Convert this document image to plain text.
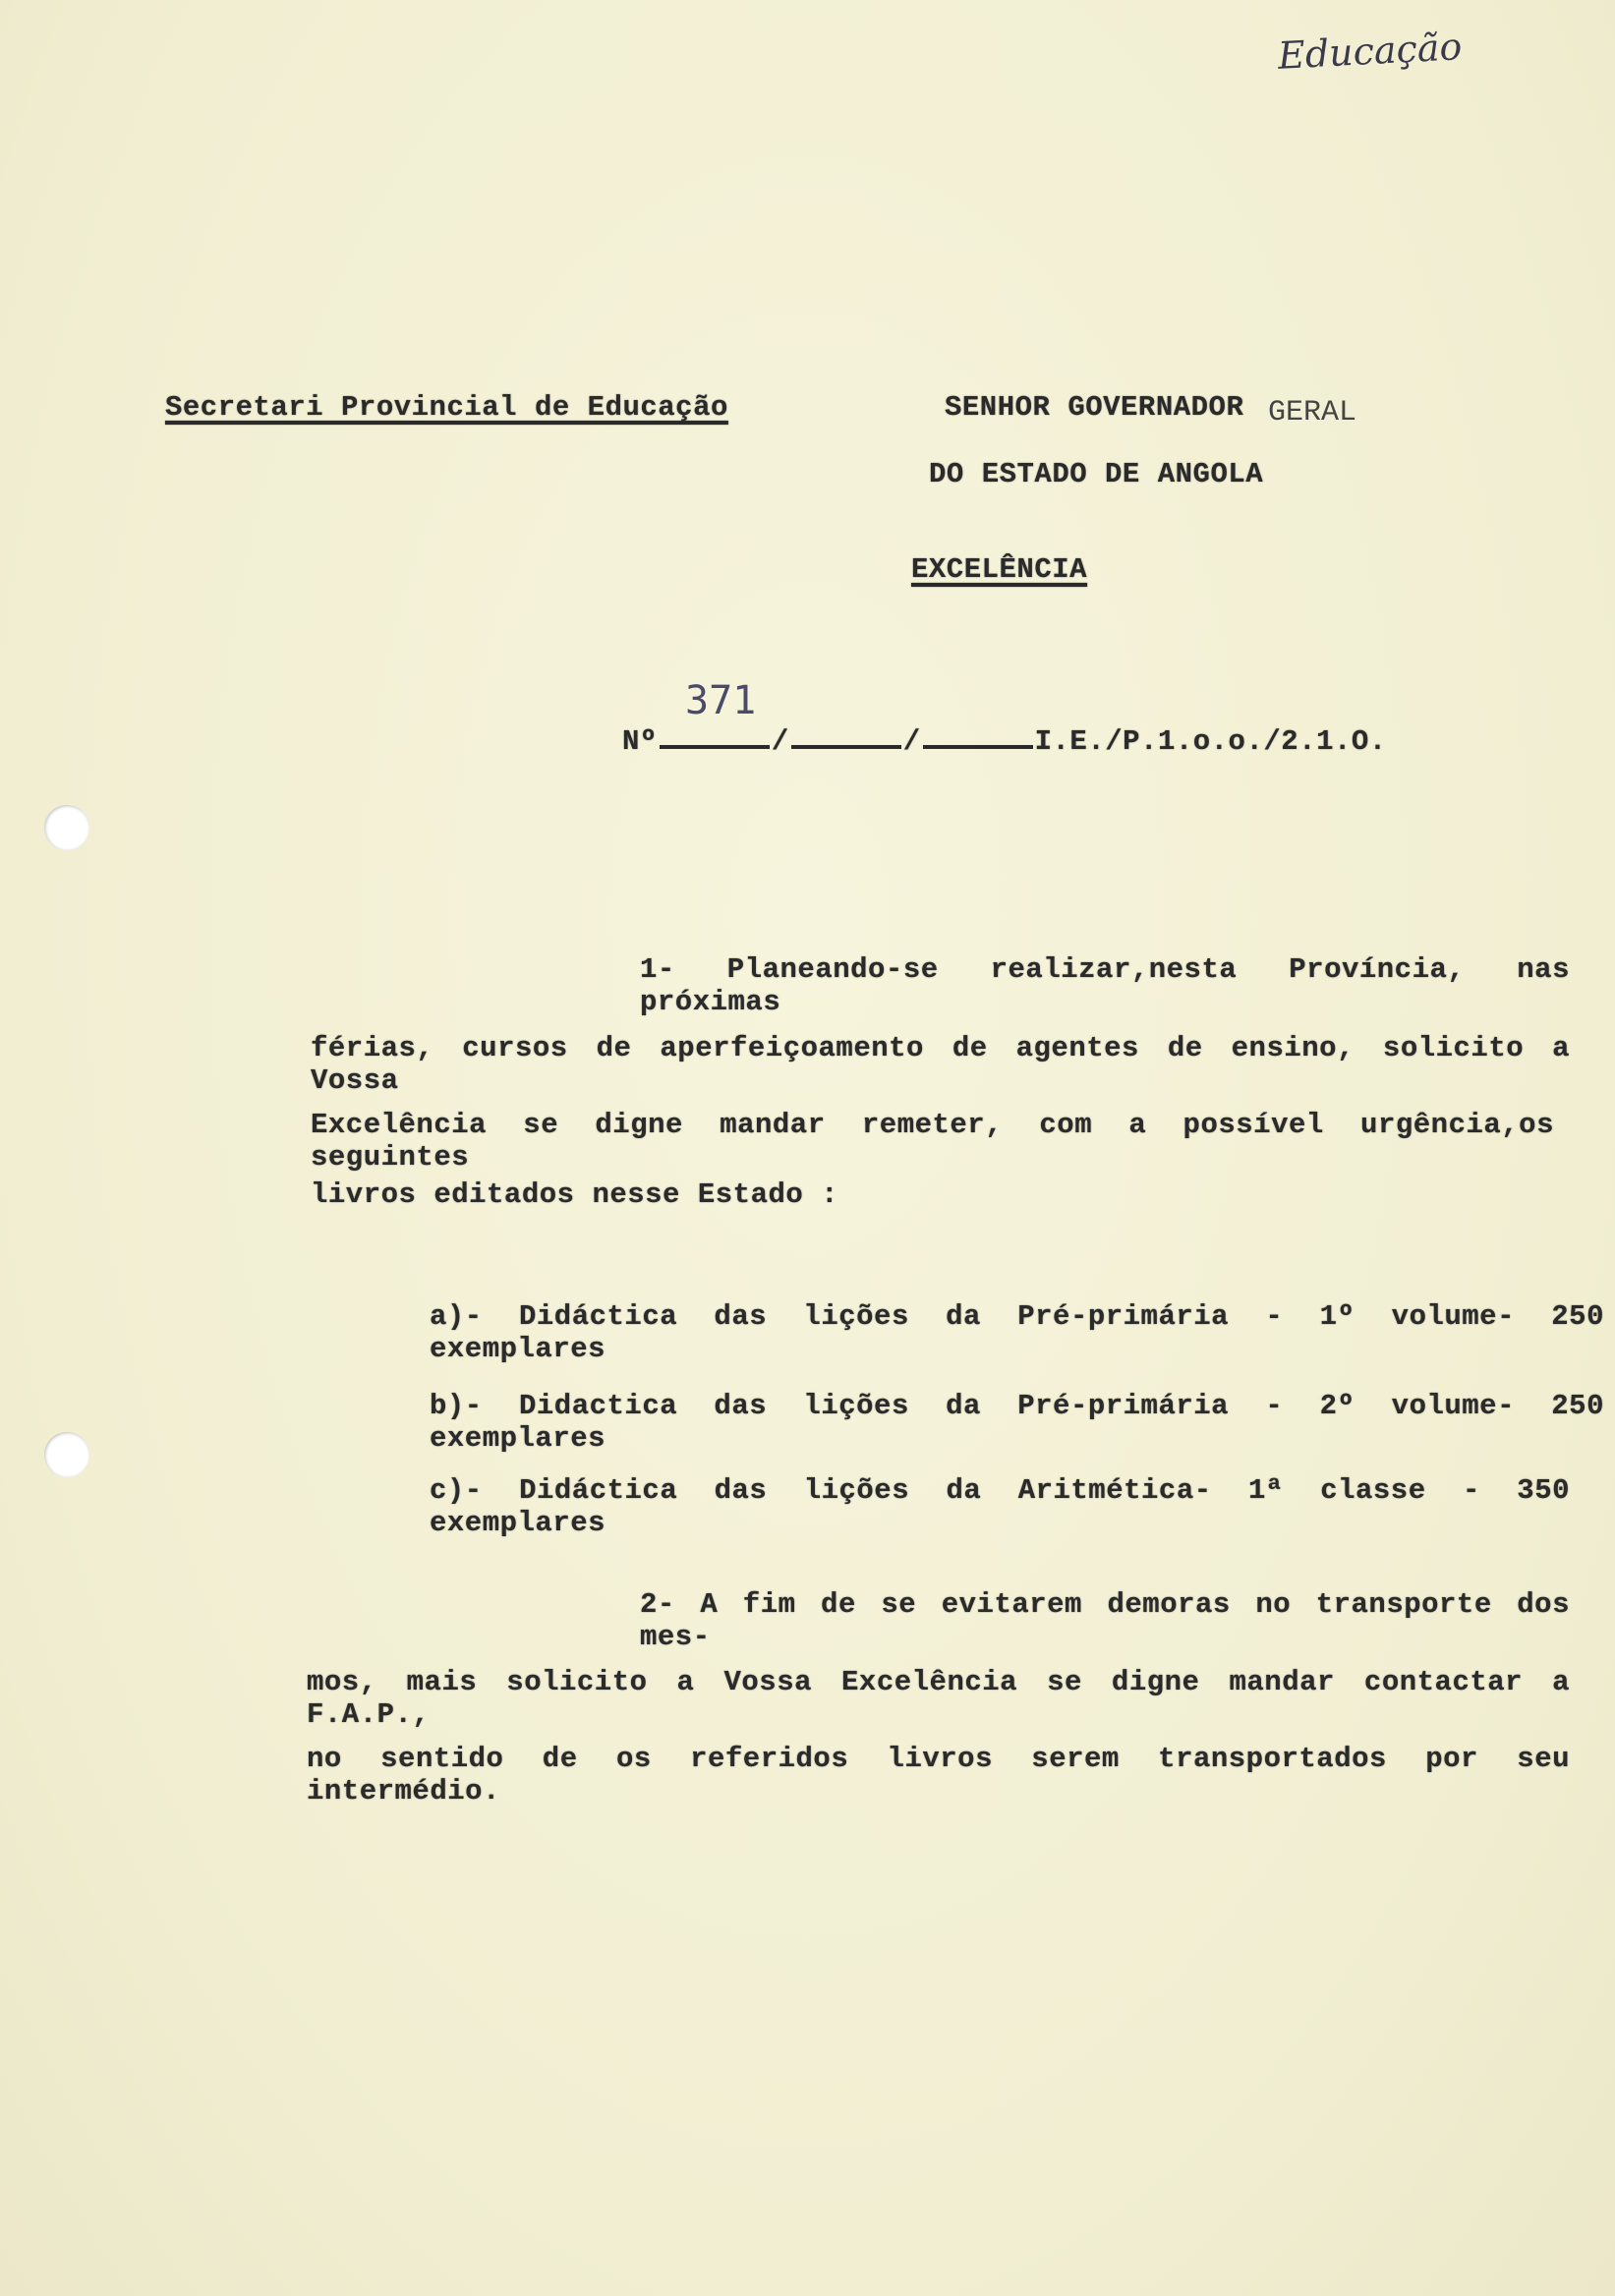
Educação
Secretari Provincial de Educação	SENHOR GOVERNADOR GERAL
DO ESTADO DE ANGOLA
EXCELÊNCIA
371
Nº	/	/	I.E./P.1.o.o./2.1.O.
1- Planeando-se realizar,nesta Província, nas próximas
férias, cursos de aperfeiçoamento de agentes de ensino, solicito a Vossa
Excelência se digne mandar remeter, com a possível urgência,os seguintes
livros editados nesse Estado :
a)- Didáctica das lições da Pré-primária - 1º volume- 250 exemplares
b)- Didactica das lições da Pré-primária - 2º volume- 250 exemplares
c)- Didáctica das lições da Aritmética- 1ª classe - 350 exemplares
2- A fim de se evitarem demoras no transporte dos mes-
mos, mais solicito a Vossa Excelência se digne mandar contactar a F.A.P.,
no sentido de os referidos livros serem transportados por seu intermédio.
